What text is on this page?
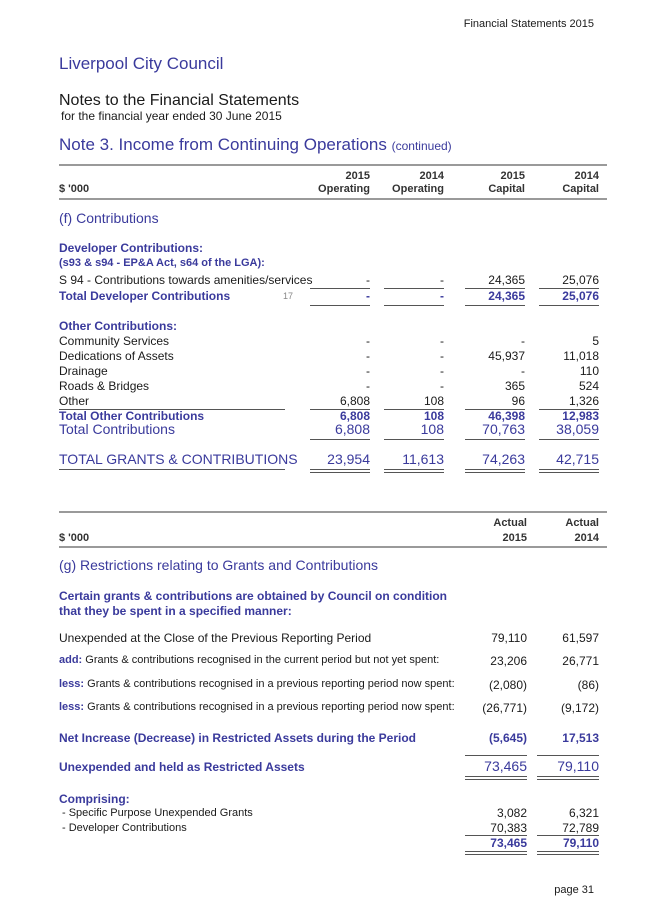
Financial Statements 2015
Liverpool City Council
Notes to the Financial Statements
for the financial year ended 30 June 2015
Note 3. Income from Continuing Operations (continued)
2015	2014	2015	2014
$ '000	Operating	Operating	Capital	Capital
(f) Contributions
Developer Contributions:
(s93 & s94 - EP&A Act, s64 of the LGA):
S 94 - Contributions towards amenities/services	-	-	24,365	25,076
Total Developer Contributions	17	-	-	24,365	25,076
Other Contributions:
Community Services	-	-	-	5
Dedications of Assets	-	-	45,937	11,018
Drainage	-	-	-	110
Roads & Bridges	-	-	365	524
Other	6,808	108	96	1,326
Total Other Contributions	6,808	108	46,398	12,983
Total Contributions	6,808	108	70,763	38,059
TOTAL GRANTS & CONTRIBUTIONS	23,954	11,613	74,263	42,715
Actual	Actual
$ '000	2015	2014
(g) Restrictions relating to Grants and Contributions
Certain grants & contributions are obtained by Council on condition
that they be spent in a specified manner:
Unexpended at the Close of the Previous Reporting Period	79,110	61,597
add: Grants & contributions recognised in the current period but not yet spent:	23,206	26,771
less: Grants & contributions recognised in a previous reporting period now spent:	(2,080)	(86)
less: Grants & contributions recognised in a previous reporting period now spent:	(26,771)	(9,172)
Net Increase (Decrease) in Restricted Assets during the Period	(5,645)	17,513
Unexpended and held as Restricted Assets	73,465	79,110
Comprising:
- Specific Purpose Unexpended Grants	3,082	6,321
- Developer Contributions	70,383	72,789
73,465	79,110
page 31
